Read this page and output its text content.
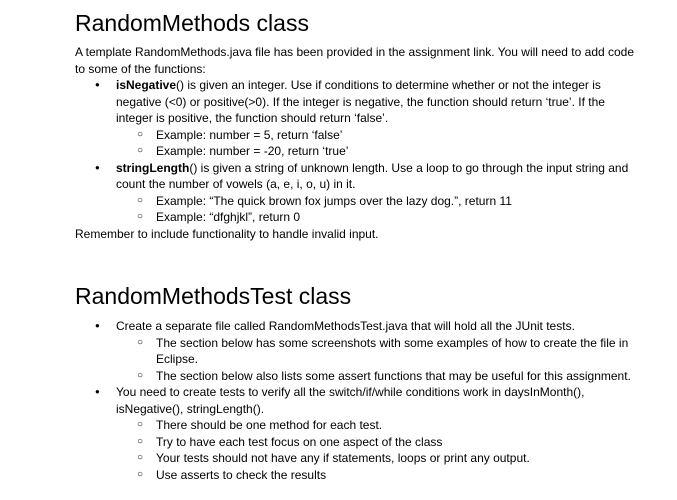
RandomMethods class

A template RandomMethods.java file has been provided in the assignment link. You will need to add code to some of the functions:

● isNegative() is given an integer. Use if conditions to determine whether or not the integer is negative (<0) or positive(>0). If the integer is negative, the function should return ‘true’. If the integer is positive, the function should return ‘false’.
○ Example: number = 5, return ‘false’
○ Example: number = -20, return ‘true’
● stringLength() is given a string of unknown length. Use a loop to go through the input string and count the number of vowels (a, e, i, o, u) in it.
○ Example: “The quick brown fox jumps over the lazy dog.”, return 11
○ Example: “dfghjkl”, return 0

Remember to include functionality to handle invalid input.

RandomMethodsTest class
● Create a separate file called RandomMethodsTest.java that will hold all the JUnit tests.
○ The section below has some screenshots with some examples of how to create the file in Eclipse.
○ The section below also lists some assert functions that may be useful for this assignment.
● You need to create tests to verify all the switch/if/while conditions work in daysInMonth(), isNegative(), stringLength().
○ There should be one method for each test.
○ Try to have each test focus on one aspect of the class
○ Your tests should not have any if statements, loops or print any output.
○ Use asserts to check the results
